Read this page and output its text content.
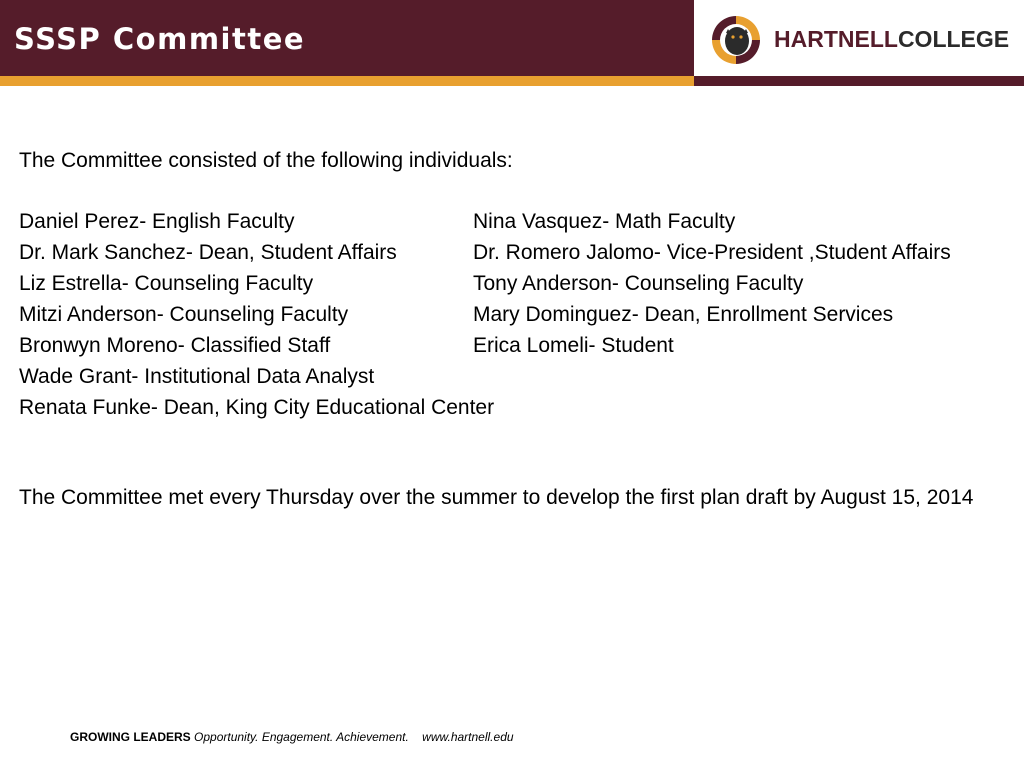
SSSP Committee	HARTNELLCOLLEGE
The Committee consisted of the following individuals:
Daniel Perez- English Faculty
Dr. Mark Sanchez- Dean, Student Affairs
Liz Estrella- Counseling Faculty
Mitzi Anderson- Counseling Faculty
Bronwyn Moreno- Classified Staff
Wade Grant- Institutional Data Analyst
Renata Funke- Dean, King City Educational Center
Nina Vasquez- Math Faculty
Dr. Romero Jalomo- Vice-President ,Student Affairs
Tony Anderson- Counseling Faculty
Mary Dominguez- Dean, Enrollment Services
Erica Lomeli- Student
The Committee met every Thursday over the summer to develop the first plan draft by August 15, 2014
GROWING LEADERS Opportunity. Engagement. Achievement. www.hartnell.edu
